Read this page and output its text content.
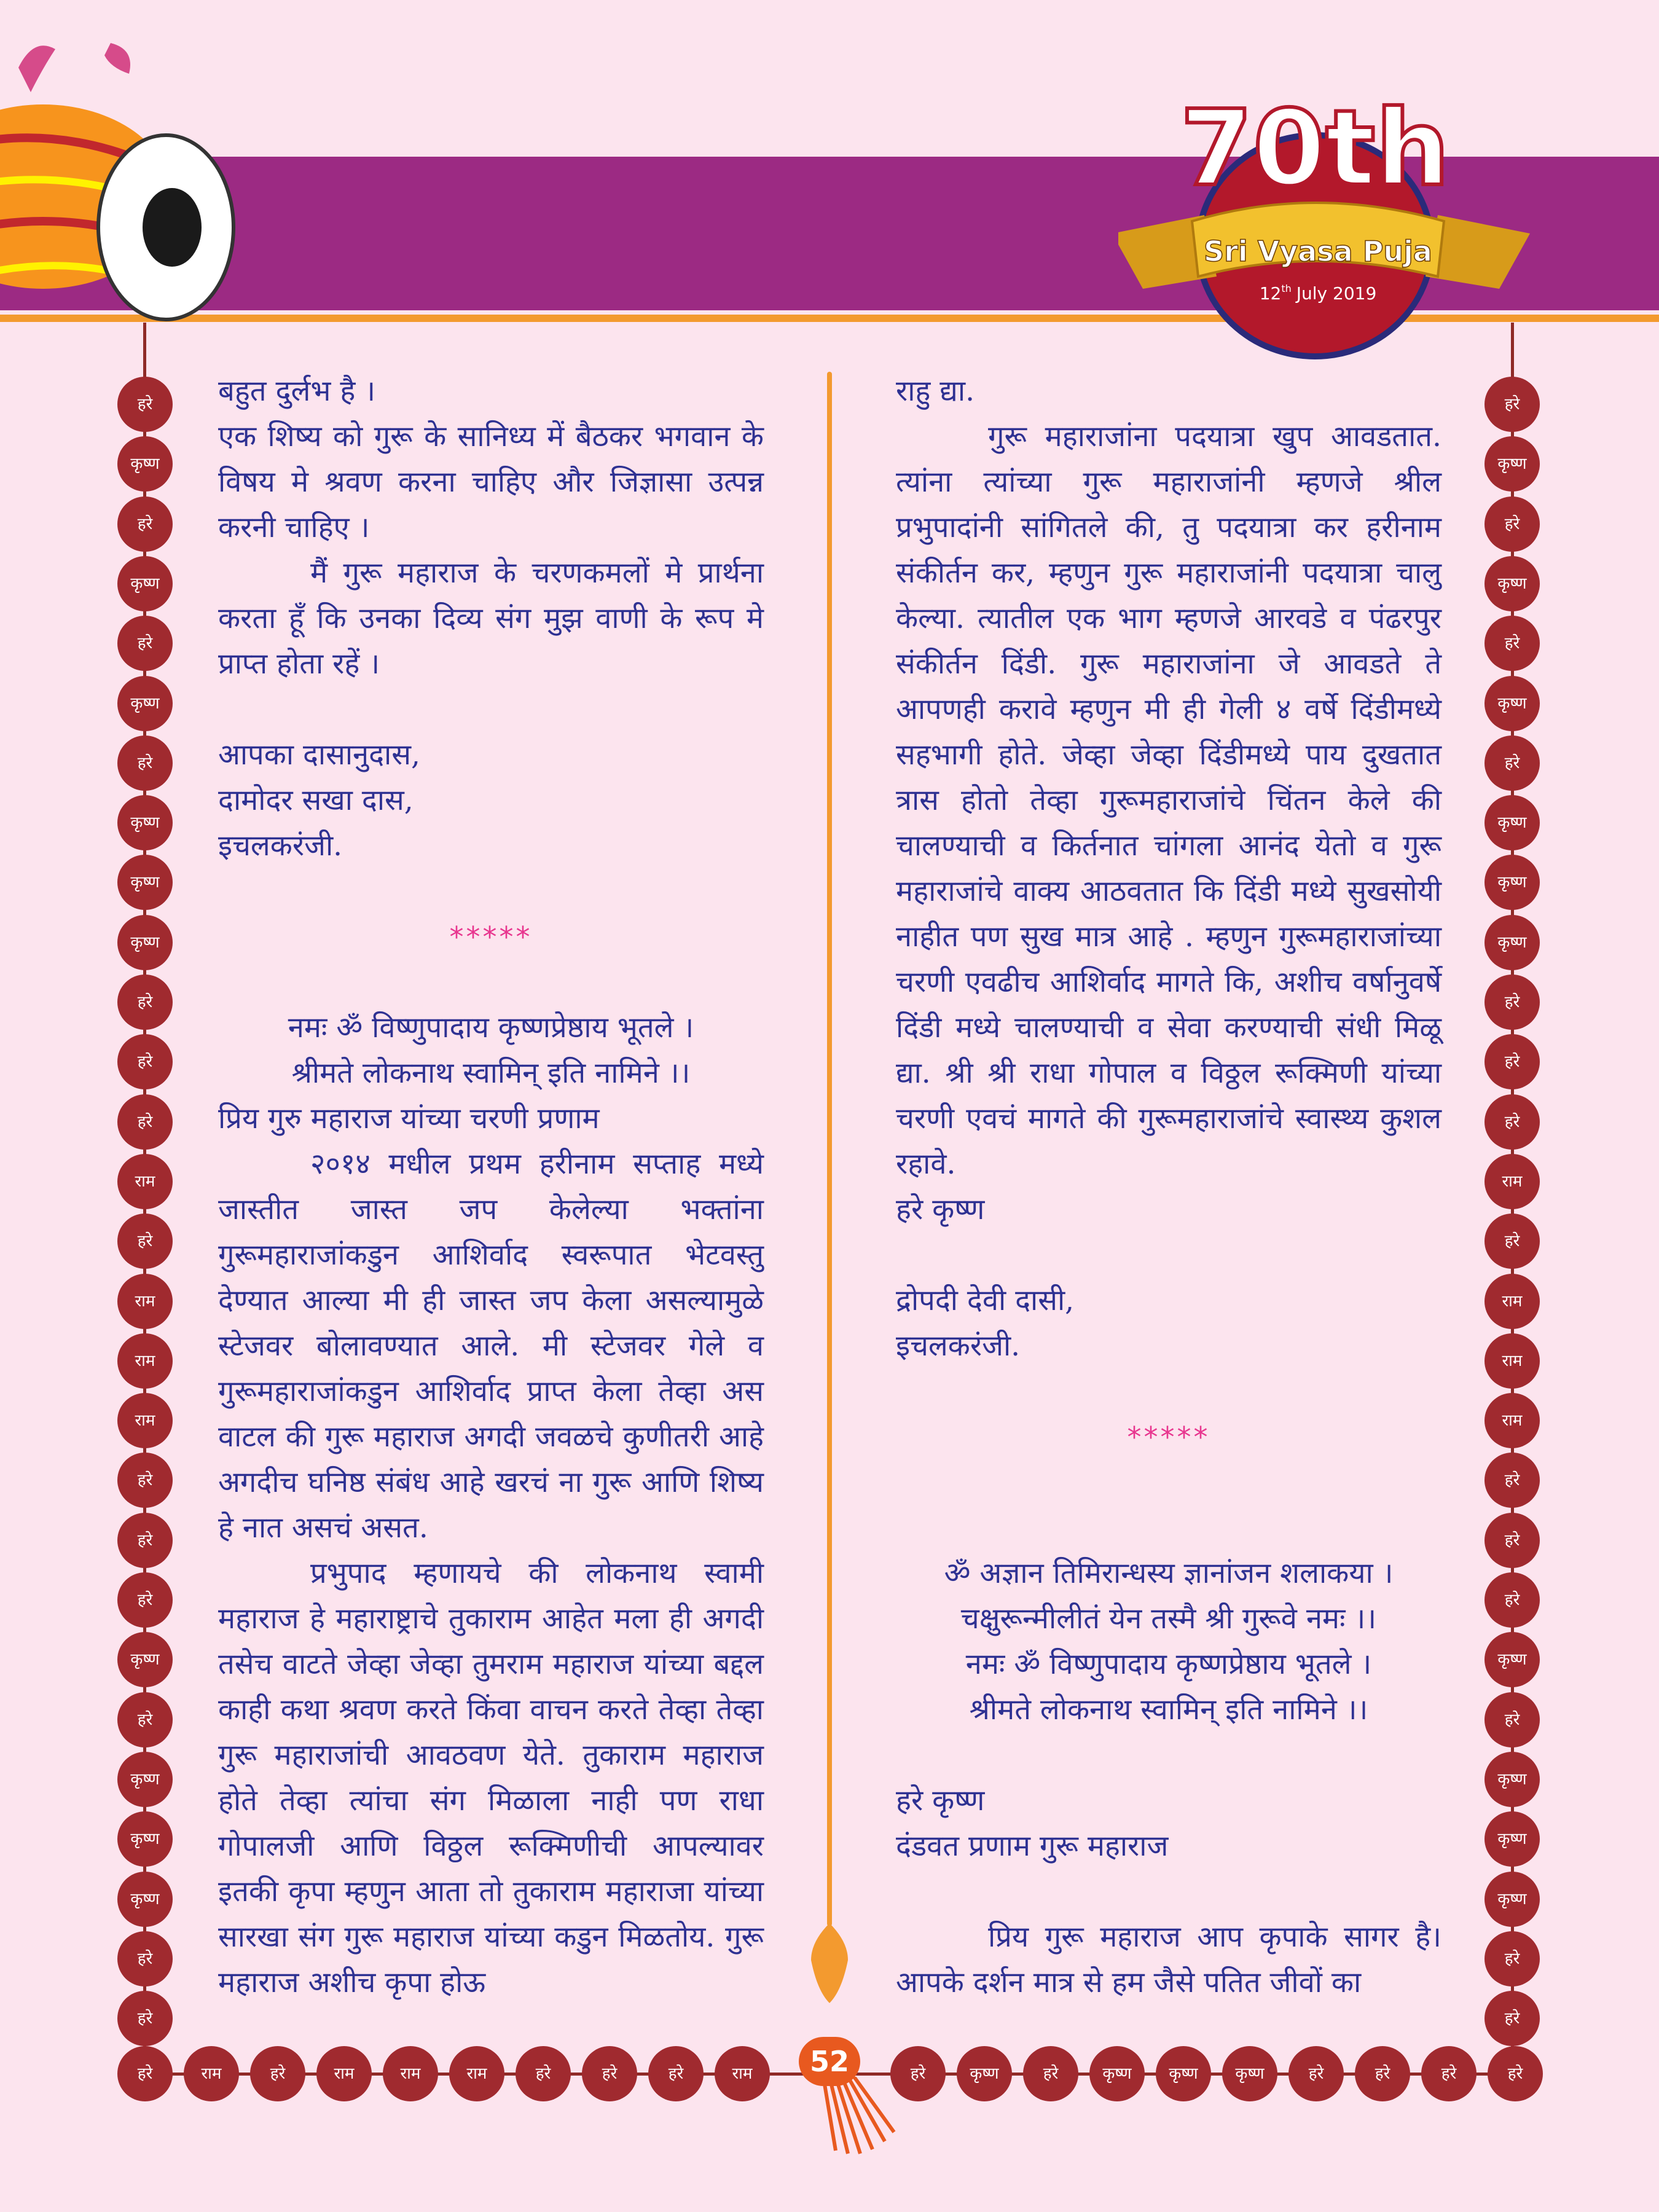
70th
Sri Vyasa Puja
12th July 2019
हरे
कृष्ण
हरे
कृष्ण
हरे
कृष्ण
हरे
कृष्ण
कृष्ण
कृष्ण
हरे
हरे
हरे
राम
हरे
राम
राम
राम
हरे
हरे
हरे
कृष्ण
हरे
कृष्ण
कृष्ण
कृष्ण
हरे
हरे
हरे
कृष्ण
हरे
कृष्ण
हरे
कृष्ण
हरे
कृष्ण
कृष्ण
कृष्ण
हरे
हरे
हरे
राम
हरे
राम
राम
राम
हरे
हरे
हरे
कृष्ण
हरे
कृष्ण
कृष्ण
कृष्ण
हरे
हरे
हरे	राम	हरे	राम	राम	राम	हरे	हरे	हरे	राम	हरे	कृष्ण	हरे	कृष्ण	कृष्ण	कृष्ण	हरे	हरे	हरे	हरे

बहुत दुर्लभ है ।

एक शिष्य को गुरू के सानिध्य में बैठकर भगवान के विषय मे श्रवण करना चाहिए और जिज्ञासा उत्पन्न करनी चाहिए ।

मैं गुरू महाराज के चरणकमलों मे प्रार्थना करता हूँ कि उनका दिव्य संग मुझ वाणी के रूप मे प्राप्त होता रहें ।

आपका दासानुदास,

दामोदर सखा दास,

इचलकरंजी.

*****

नमः ॐ विष्णुपादाय कृष्णप्रेष्ठाय भूतले ।

श्रीमते लोकनाथ स्वामिन् इति नामिने ।।

प्रिय गुरु महाराज यांच्या चरणी प्रणाम

२०१४ मधील प्रथम हरीनाम सप्ताह मध्ये जास्तीत जास्त जप केलेल्या भक्तांना गुरूमहाराजांकडुन आशिर्वाद स्वरूपात भेटवस्तु देण्यात आल्या मी ही जास्त जप केला असल्यामुळे स्टेजवर बोलावण्यात आले. मी स्टेजवर गेले व गुरूमहाराजांकडुन आशिर्वाद प्राप्त केला तेव्हा अस वाटल की गुरू महाराज अगदी जवळचे कुणीतरी आहे अगदीच घनिष्ठ संबंध आहे खरचं ना गुरू आणि शिष्य हे नात असचं असत.

प्रभुपाद म्हणायचे की लोकनाथ स्वामी महाराज हे महाराष्ट्राचे तुकाराम आहेत मला ही अगदी तसेच वाटते जेव्हा जेव्हा तुमराम महाराज यांच्या बद्दल काही कथा श्रवण करते किंवा वाचन करते तेव्हा तेव्हा गुरू महाराजांची आवठवण येते. तुकाराम महाराज होते तेव्हा त्यांचा संग मिळाला नाही पण राधा गोपालजी आणि विठ्ठल रूक्मिणीची आपल्यावर इतकी कृपा म्हणुन आता तो तुकाराम महाराजा यांच्या सारखा संग गुरू महाराज यांच्या कडुन मिळतोय. गुरू महाराज अशीच कृपा होऊ

राहु द्या.

गुरू महाराजांना पदयात्रा खुप आवडतात. त्यांना त्यांच्या गुरू महाराजांनी म्हणजे श्रील प्रभुपादांनी सांगितले की, तु पदयात्रा कर हरीनाम संकीर्तन कर, म्हणुन गुरू महाराजांनी पदयात्रा चालु केल्या. त्यातील एक भाग म्हणजे आरवडे व पंढरपुर संकीर्तन दिंडी. गुरू महाराजांना जे आवडते ते आपणही करावे म्हणुन मी ही गेली ४ वर्षे दिंडीमध्ये सहभागी होते. जेव्हा जेव्हा दिंडीमध्ये पाय दुखतात त्रास होतो तेव्हा गुरूमहाराजांचे चिंतन केले की चालण्याची व किर्तनात चांगला आनंद येतो व गुरू महाराजांचे वाक्य आठवतात कि दिंडी मध्ये सुखसोयी नाहीत पण सुख मात्र आहे . म्हणुन गुरूमहाराजांच्या चरणी एवढीच आशिर्वाद मागते कि, अशीच वर्षानुवर्षे दिंडी मध्ये चालण्याची व सेवा करण्याची संधी मिळू द्या. श्री श्री राधा गोपाल व विठ्ठल रूक्मिणी यांच्या चरणी एवचं मागते की गुरूमहाराजांचे स्वास्थ्य कुशल रहावे.

हरे कृष्ण

द्रोपदी देवी दासी,

इचलकरंजी.

*****

ॐ अज्ञान तिमिरान्धस्य ज्ञानांजन शलाकया ।

चक्षुरून्मीलीतं येन तस्मै श्री गुरूवे नमः ।।

नमः ॐ विष्णुपादाय कृष्णप्रेष्ठाय भूतले ।

श्रीमते लोकनाथ स्वामिन् इति नामिने ।।

हरे कृष्ण

दंडवत प्रणाम गुरू महाराज

प्रिय गुरू महाराज आप कृपाके सागर है। आपके दर्शन मात्र से हम जैसे पतित जीवों का

52
